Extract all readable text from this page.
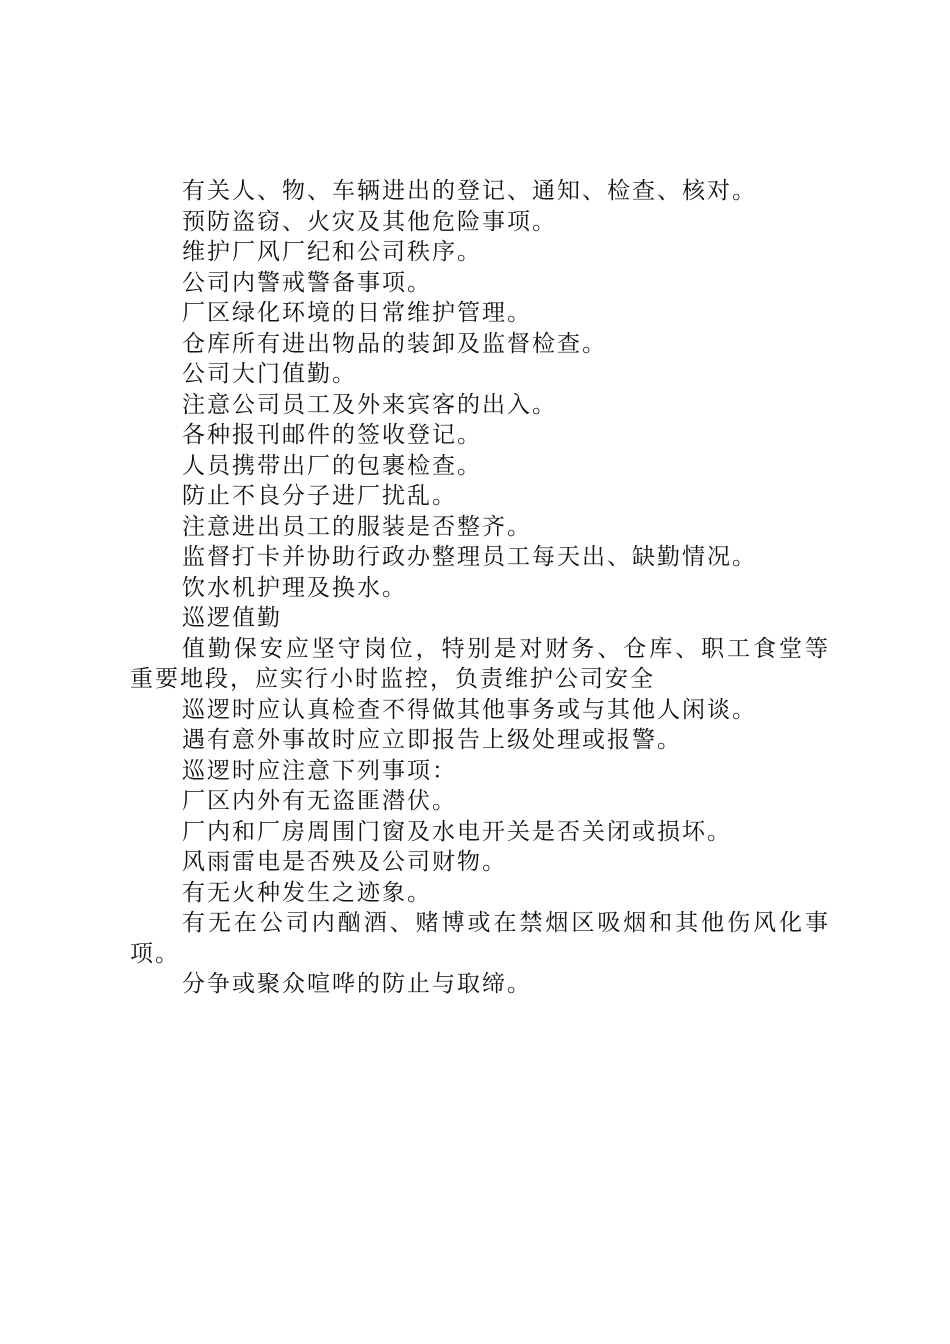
有关人、物、车辆进出的登记、通知、检查、核对。

预防盗窃、火灾及其他危险事项。

维护厂风厂纪和公司秩序。

公司内警戒警备事项。

厂区绿化环境的日常维护管理。

仓库所有进出物品的装卸及监督检查。

公司大门值勤。

注意公司员工及外来宾客的出入。

各种报刊邮件的签收登记。

人员携带出厂的包裹检查。

防止不良分子进厂扰乱。

注意进出员工的服装是否整齐。

监督打卡并协助行政办整理员工每天出、缺勤情况。

饮水机护理及换水。

巡逻值勤

值勤保安应坚守岗位，特别是对财务、仓库、职工食堂等重要地段，应实行小时监控，负责维护公司安全

巡逻时应认真检查不得做其他事务或与其他人闲谈。

遇有意外事故时应立即报告上级处理或报警。

巡逻时应注意下列事项：

厂区内外有无盗匪潜伏。

厂内和厂房周围门窗及水电开关是否关闭或损坏。

风雨雷电是否殃及公司财物。

有无火种发生之迹象。

有无在公司内酗酒、赌博或在禁烟区吸烟和其他伤风化事项。

分争或聚众喧哗的防止与取缔。
